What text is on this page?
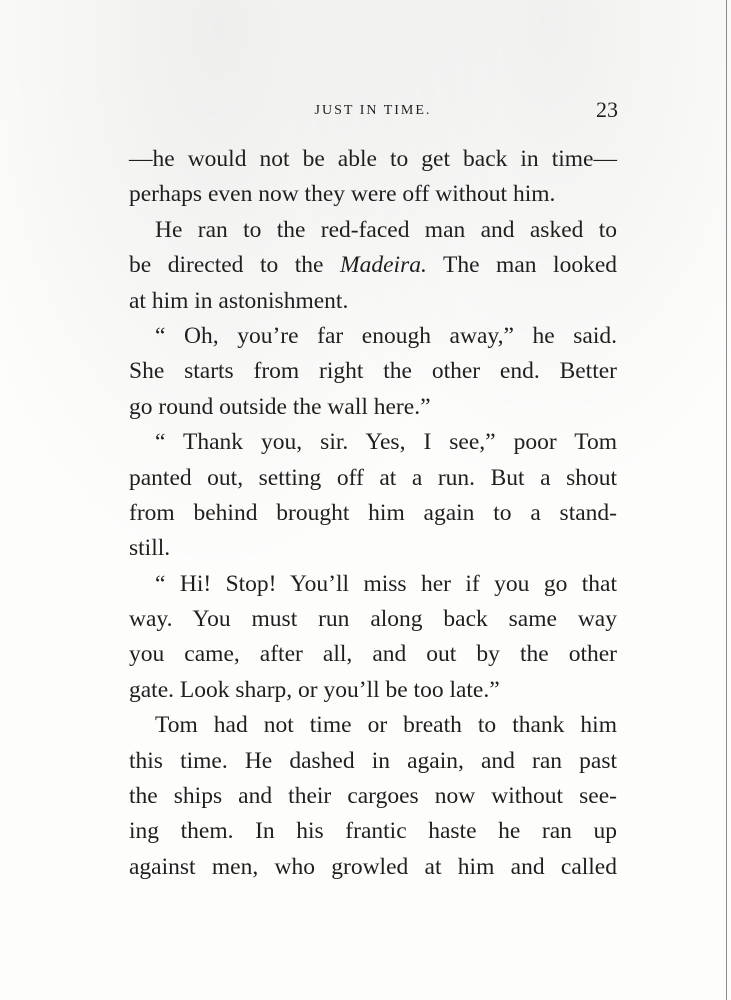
JUST IN TIME.	23
—he would not be able to get back in time—
perhaps even now they were off without him.
He ran to the red-faced man and asked to
be directed to the Madeira. The man looked
at him in astonishment.
“ Oh, you’re far enough away,” he said.
She starts from right the other end. Better
go round outside the wall here.”
“ Thank you, sir. Yes, I see,” poor Tom
panted out, setting off at a run. But a shout
from behind brought him again to a stand-
still.
“ Hi! Stop! You’ll miss her if you go that
way. You must run along back same way
you came, after all, and out by the other
gate. Look sharp, or you’ll be too late.”
Tom had not time or breath to thank him
this time. He dashed in again, and ran past
the ships and their cargoes now without see-
ing them. In his frantic haste he ran up
against men, who growled at him and called
